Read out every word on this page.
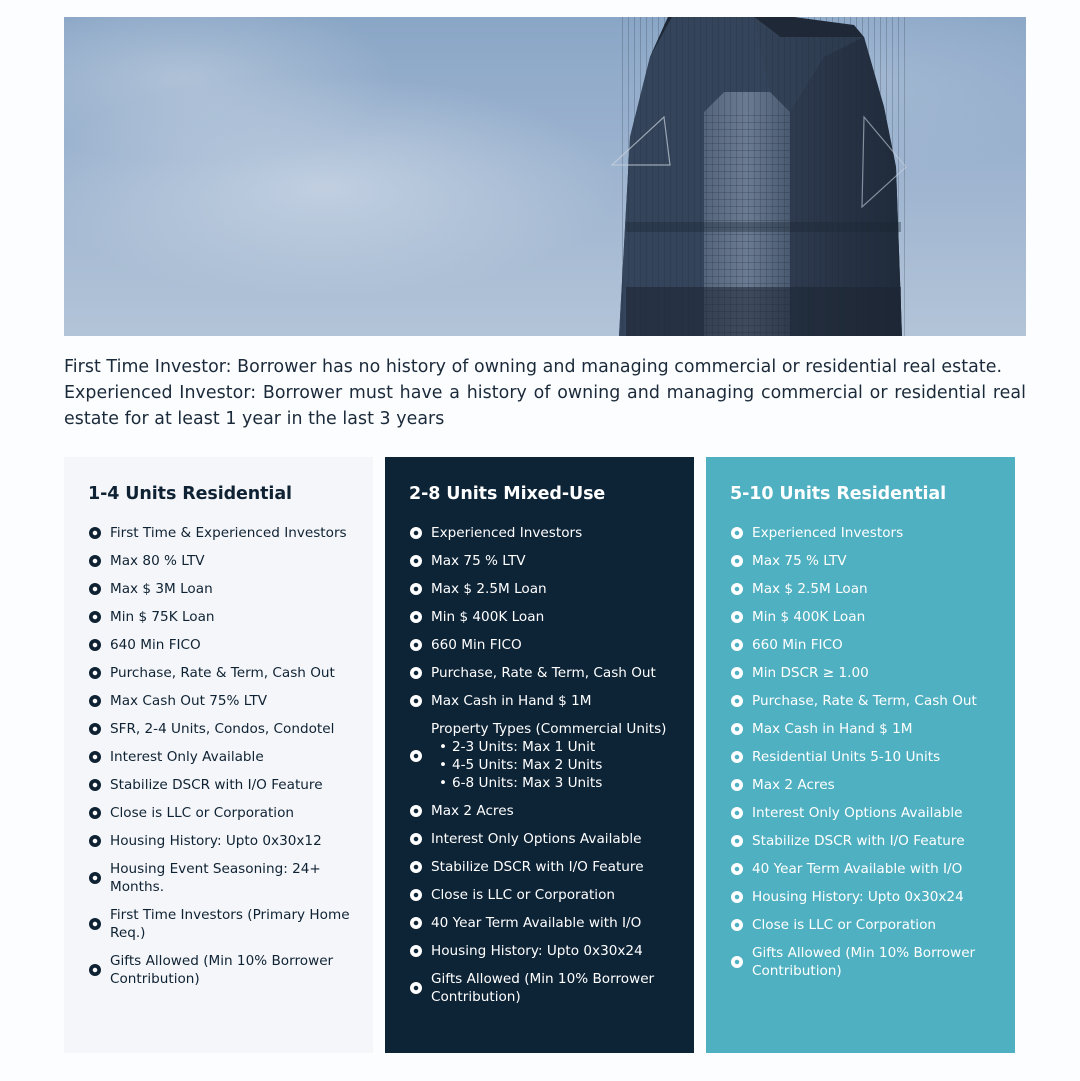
First Time Investor: Borrower has no history of owning and managing commercial or residential real estate.

Experienced Investor: Borrower must have a history of owning and managing commercial or residential real estate for at least 1 year in the last 3 years

1-4 Units Residential
First Time & Experienced Investors
Max 80 % LTV
Max $ 3M Loan
Min $ 75K Loan
640 Min FICO
Purchase, Rate & Term, Cash Out
Max Cash Out 75% LTV
SFR, 2-4 Units, Condos, Condotel
Interest Only Available
Stabilize DSCR with I/O Feature
Close is LLC or Corporation
Housing History: Upto 0x30x12
Housing Event Seasoning: 24+ Months.
First Time Investors (Primary Home Req.)
Gifts Allowed (Min 10% Borrower Contribution)
2-8 Units Mixed-Use
Experienced Investors
Max 75 % LTV
Max $ 2.5M Loan
Min $ 400K Loan
660 Min FICO
Purchase, Rate & Term, Cash Out
Max Cash in Hand $ 1M
Property Types (Commercial Units)
• 2-3 Units: Max 1 Unit
• 4-5 Units: Max 2 Units
• 6-8 Units: Max 3 Units
Max 2 Acres
Interest Only Options Available
Stabilize DSCR with I/O Feature
Close is LLC or Corporation
40 Year Term Available with I/O
Housing History: Upto 0x30x24
Gifts Allowed (Min 10% Borrower Contribution)
5-10 Units Residential
Experienced Investors
Max 75 % LTV
Max $ 2.5M Loan
Min $ 400K Loan
660 Min FICO
Min DSCR ≥ 1.00
Purchase, Rate & Term, Cash Out
Max Cash in Hand $ 1M
Residential Units 5-10 Units
Max 2 Acres
Interest Only Options Available
Stabilize DSCR with I/O Feature
40 Year Term Available with I/O
Housing History: Upto 0x30x24
Close is LLC or Corporation
Gifts Allowed (Min 10% Borrower Contribution)
